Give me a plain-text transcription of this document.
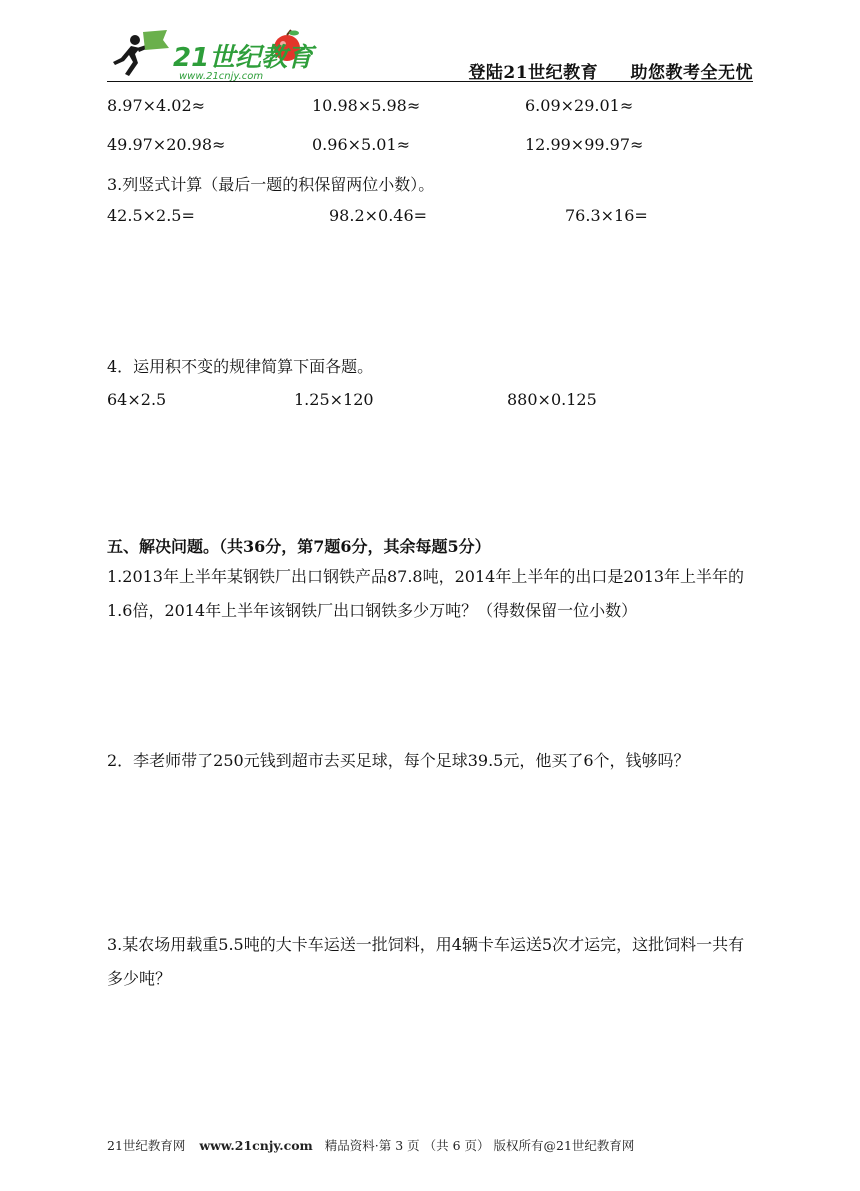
21世纪教育
www.21cnjy.com	登陆21世纪教育 助您教考全无忧
8.97×4.02≈	10.98×5.98≈	6.09×29.01≈
49.97×20.98≈	0.96×5.01≈	12.99×99.97≈
3.列竖式计算（最后一题的积保留两位小数）。
42.5×2.5=	98.2×0.46=	76.3×16=
4．运用积不变的规律简算下面各题。
64×2.5	1.25×120	880×0.125
五、解决问题。（共36分，第7题6分，其余每题5分）
1.2013年上半年某钢铁厂出口钢铁产品87.8吨，2014年上半年的出口是2013年上半年的1.6倍，2014年上半年该钢铁厂出口钢铁多少万吨？（得数保留一位小数）
2．李老师带了250元钱到超市去买足球，每个足球39.5元，他买了6个，钱够吗？
3.某农场用载重5.5吨的大卡车运送一批饲料，用4辆卡车运送5次才运完，这批饲料一共有多少吨？
21世纪教育网 www.21cnjy.com 精品资料·第 3 页 （共 6 页） 版权所有@21世纪教育网
